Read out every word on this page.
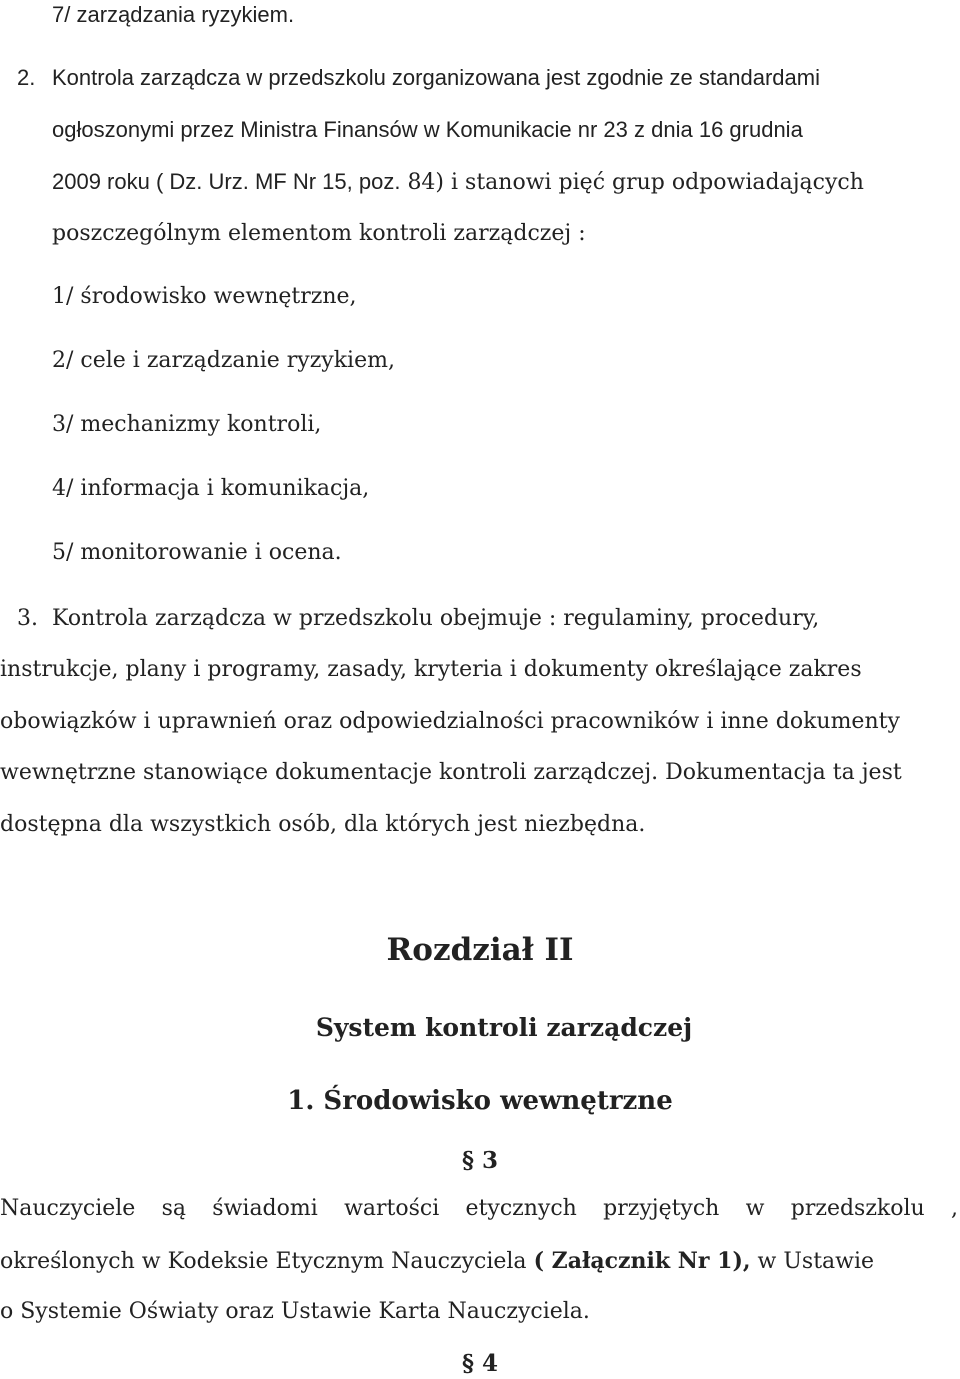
7/ zarządzania ryzykiem.
2. Kontrola zarządcza w przedszkolu zorganizowana jest zgodnie ze standardami
ogłoszonymi przez Ministra Finansów w Komunikacie nr 23 z dnia 16 grudnia
2009 roku ( Dz. Urz. MF Nr 15, poz. 84) i stanowi pięć grup odpowiadających
poszczególnym elementom kontroli zarządczej :
1/ środowisko wewnętrzne,
2/ cele i zarządzanie ryzykiem,
3/ mechanizmy kontroli,
4/ informacja i komunikacja,
5/ monitorowanie i ocena.
3. Kontrola zarządcza w przedszkolu obejmuje : regulaminy, procedury,
instrukcje, plany i programy, zasady, kryteria i dokumenty określające zakres
obowiązków i uprawnień oraz odpowiedzialności pracowników i inne dokumenty
wewnętrzne stanowiące dokumentacje kontroli zarządczej. Dokumentacja ta jest
dostępna dla wszystkich osób, dla których jest niezbędna.
Rozdział II
System kontroli zarządczej
1. Środowisko wewnętrzne
§ 3
Nauczyciele są świadomi wartości etycznych przyjętych w przedszkolu ,
określonych w Kodeksie Etycznym Nauczyciela ( Załącznik Nr 1), w Ustawie
o Systemie Oświaty oraz Ustawie Karta Nauczyciela.
§ 4
